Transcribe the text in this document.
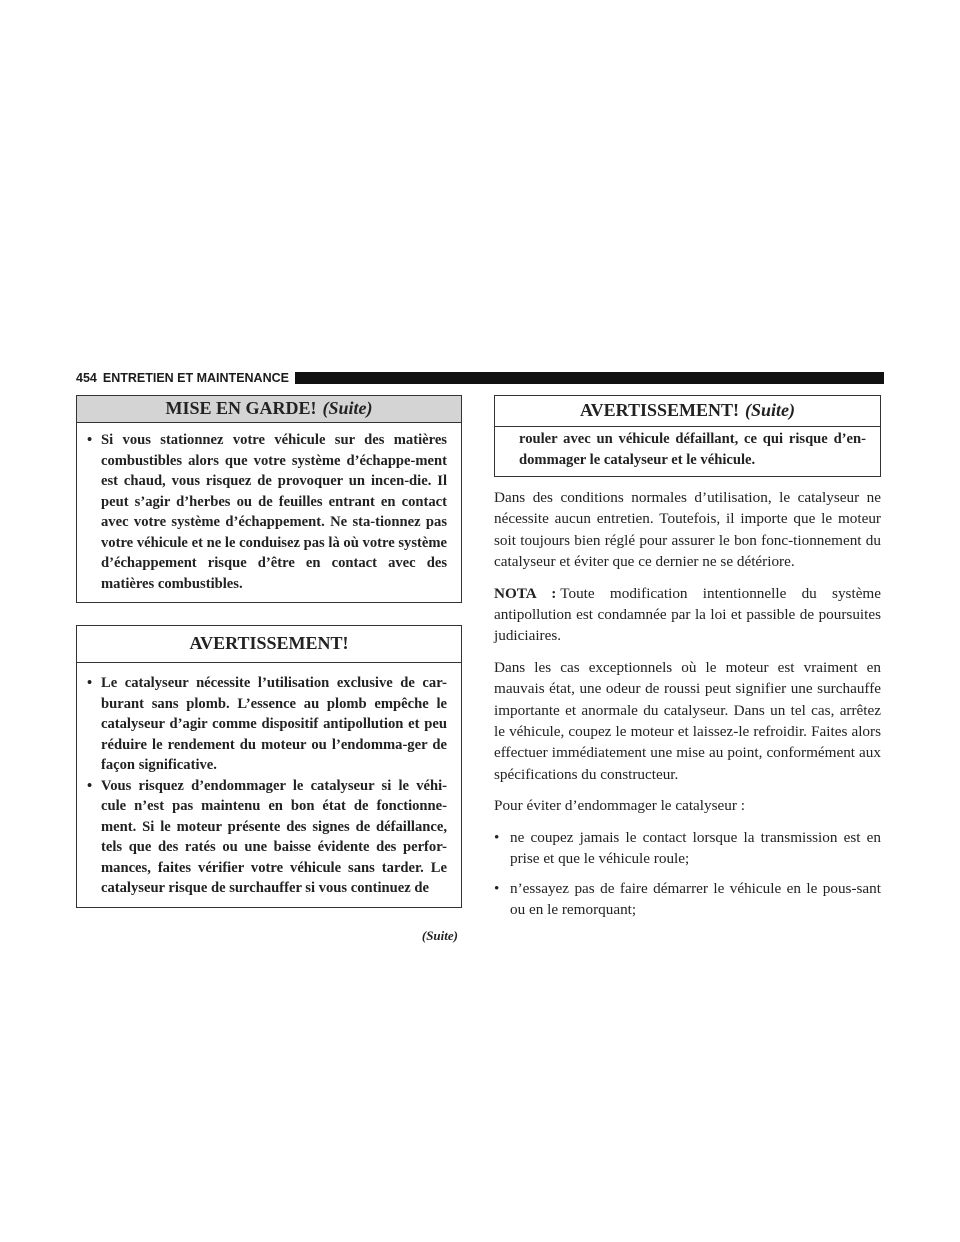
454 ENTRETIEN ET MAINTENANCE
MISE EN GARDE! (Suite)
• Si vous stationnez votre véhicule sur des matières combustibles alors que votre système d’échappe-ment est chaud, vous risquez de provoquer un incen-die. Il peut s’agir d’herbes ou de feuilles entrant en contact avec votre système d’échappement. Ne sta-tionnez pas votre véhicule et ne le conduisez pas là où votre système d’échappement risque d’être en contact avec des matières combustibles.
AVERTISSEMENT!
• Le catalyseur nécessite l’utilisation exclusive de car-burant sans plomb. L’essence au plomb empêche le catalyseur d’agir comme dispositif antipollution et peu réduire le rendement du moteur ou l’endomma-ger de façon significative.
• Vous risquez d’endommager le catalyseur si le véhi-cule n’est pas maintenu en bon état de fonctionne-ment. Si le moteur présente des signes de défaillance, tels que des ratés ou une baisse évidente des perfor-mances, faites vérifier votre véhicule sans tarder. Le catalyseur risque de surchauffer si vous continuez de
(Suite)
AVERTISSEMENT! (Suite)
rouler avec un véhicule défaillant, ce qui risque d’en-dommager le catalyseur et le véhicule.

Dans des conditions normales d’utilisation, le catalyseur ne nécessite aucun entretien. Toutefois, il importe que le moteur soit toujours bien réglé pour assurer le bon fonc-tionnement du catalyseur et éviter que ce dernier ne se détériore.

NOTA : Toute modification intentionnelle du système antipollution est condamnée par la loi et passible de poursuites judiciaires.

Dans les cas exceptionnels où le moteur est vraiment en mauvais état, une odeur de roussi peut signifier une surchauffe importante et anormale du catalyseur. Dans un tel cas, arrêtez le véhicule, coupez le moteur et laissez-le refroidir. Faites alors effectuer immédiatement une mise au point, conformément aux spécifications du constructeur.

Pour éviter d’endommager le catalyseur :

• ne coupez jamais le contact lorsque la transmission est en prise et que le véhicule roule;
• n’essayez pas de faire démarrer le véhicule en le pous-sant ou en le remorquant;
